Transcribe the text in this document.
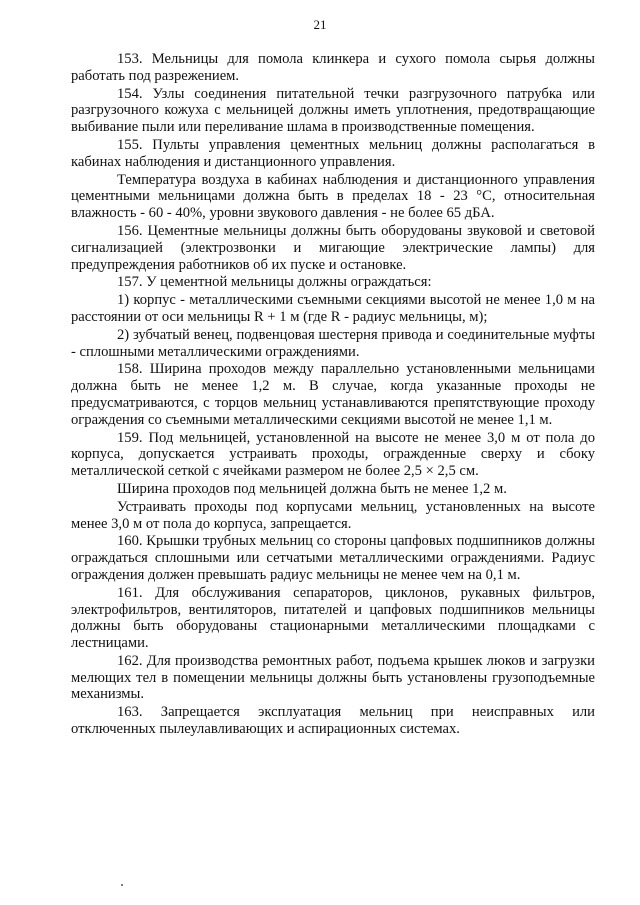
21

153. Мельницы для помола клинкера и сухого помола сырья должны работать под разрежением.

154. Узлы соединения питательной течки разгрузочного патрубка или разгрузочного кожуха с мельницей должны иметь уплотнения, предотвращающие выбивание пыли или переливание шлама в производственные помещения.

155. Пульты управления цементных мельниц должны располагаться в кабинах наблюдения и дистанционного управления.

Температура воздуха в кабинах наблюдения и дистанционного управления цементными мельницами должна быть в пределах 18 - 23 °С, относительная влажность - 60 - 40%, уровни звукового давления - не более 65 дБА.

156. Цементные мельницы должны быть оборудованы звуковой и световой сигнализацией (электрозвонки и мигающие электрические лампы) для предупреждения работников об их пуске и остановке.

157. У цементной мельницы должны ограждаться:

1) корпус - металлическими съемными секциями высотой не менее 1,0 м на расстоянии от оси мельницы R + 1 м (где R - радиус мельницы, м);

2) зубчатый венец, подвенцовая шестерня привода и соединительные муфты - сплошными металлическими ограждениями.

158. Ширина проходов между параллельно установленными мельницами должна быть не менее 1,2 м. В случае, когда указанные проходы не предусматриваются, с торцов мельниц устанавливаются препятствующие проходу ограждения со съемными металлическими секциями высотой не менее 1,1 м.

159. Под мельницей, установленной на высоте не менее 3,0 м от пола до корпуса, допускается устраивать проходы, огражденные сверху и сбоку металлической сеткой с ячейками размером не более 2,5 × 2,5 см.

Ширина проходов под мельницей должна быть не менее 1,2 м.

Устраивать проходы под корпусами мельниц, установленных на высоте менее 3,0 м от пола до корпуса, запрещается.

160. Крышки трубных мельниц со стороны цапфовых подшипников должны ограждаться сплошными или сетчатыми металлическими ограждениями. Радиус ограждения должен превышать радиус мельницы не менее чем на 0,1 м.

161. Для обслуживания сепараторов, циклонов, рукавных фильтров, электрофильтров, вентиляторов, питателей и цапфовых подшипников мельницы должны быть оборудованы стационарными металлическими площадками с лестницами.

162. Для производства ремонтных работ, подъема крышек люков и загрузки мелющих тел в помещении мельницы должны быть установлены грузоподъемные механизмы.

163. Запрещается эксплуатация мельниц при неисправных или отключенных пылеулавливающих и аспирационных системах.
